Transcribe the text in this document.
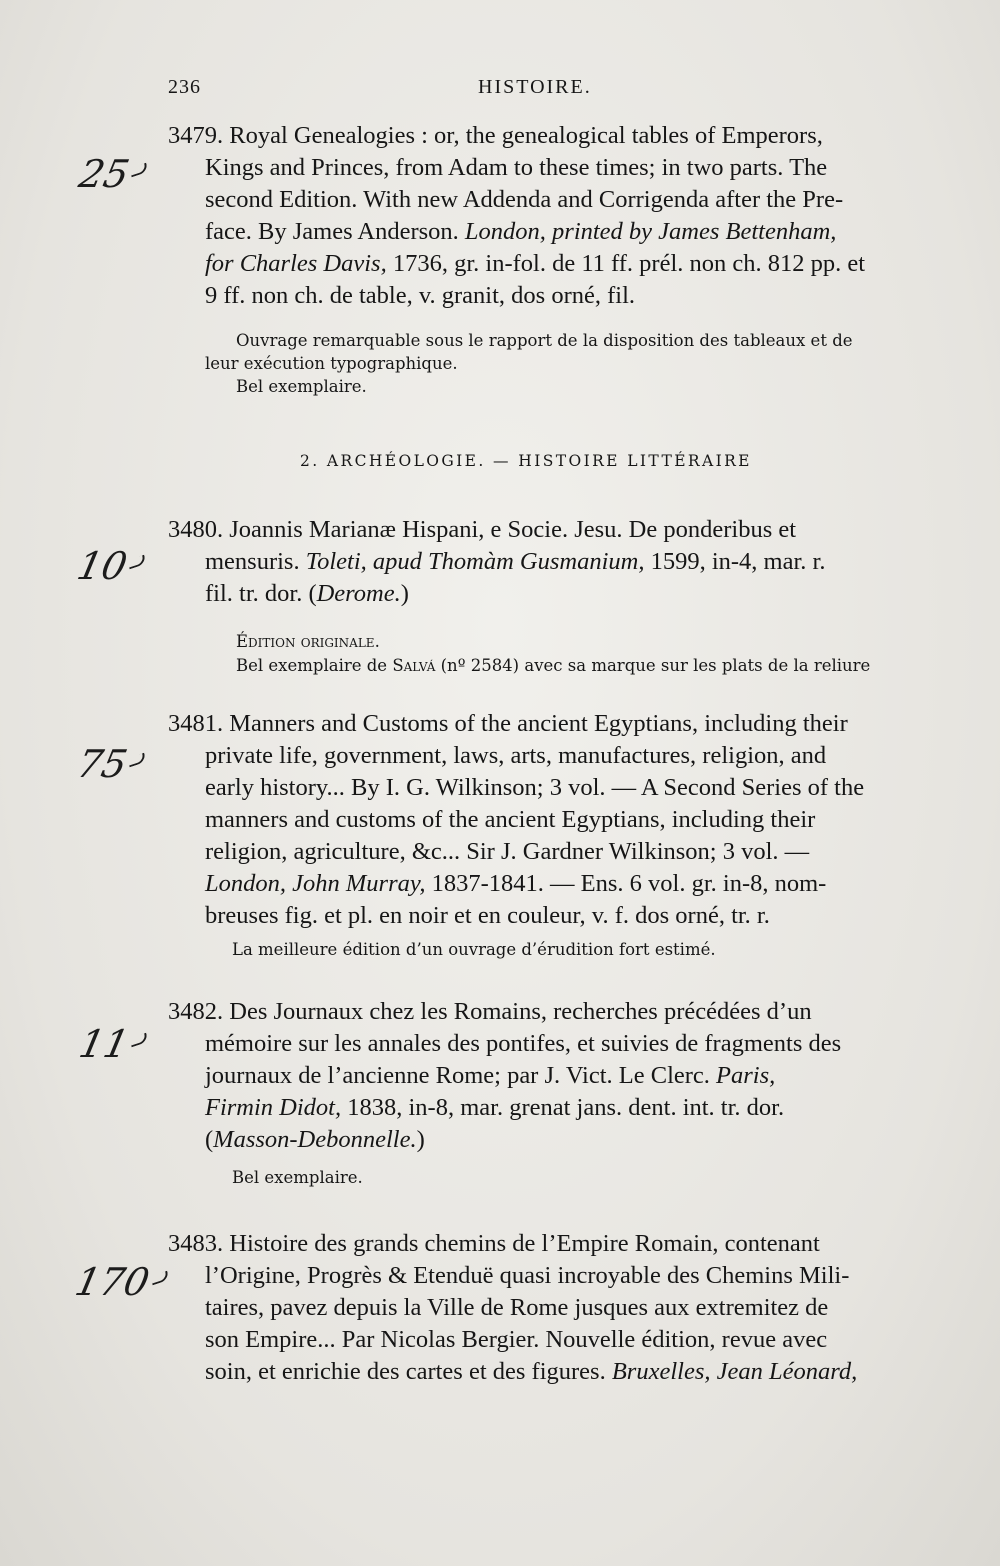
236	HISTOIRE.
25
3479. Royal Genealogies : or, the genealogical tables of Emperors,
Kings and Princes, from Adam to these times; in two parts. The
second Edition. With new Addenda and Corrigenda after the Pre-
face. By James Anderson. London, printed by James Bettenham,
for Charles Davis, 1736, gr. in-fol. de 11 ff. prél. non ch. 812 pp. et
9 ff. non ch. de table, v. granit, dos orné, fil.
Ouvrage remarquable sous le rapport de la disposition des tableaux et de
leur exécution typographique.
Bel exemplaire.
2. ARCHÉOLOGIE. — HISTOIRE LITTÉRAIRE
10
3480. Joannis Marianæ Hispani, e Socie. Jesu. De ponderibus et
mensuris. Toleti, apud Thomàm Gusmanium, 1599, in-4, mar. r.
fil. tr. dor. (Derome.)
Édition originale.
Bel exemplaire de Salvá (nº 2584) avec sa marque sur les plats de la reliure
75
3481. Manners and Customs of the ancient Egyptians, including their
private life, government, laws, arts, manufactures, religion, and
early history... By I. G. Wilkinson; 3 vol. — A Second Series of the
manners and customs of the ancient Egyptians, including their
religion, agriculture, &c... Sir J. Gardner Wilkinson; 3 vol. —
London, John Murray, 1837-1841. — Ens. 6 vol. gr. in-8, nom-
breuses fig. et pl. en noir et en couleur, v. f. dos orné, tr. r.
La meilleure édition d’un ouvrage d’érudition fort estimé.
11
3482. Des Journaux chez les Romains, recherches précédées d’un
mémoire sur les annales des pontifes, et suivies de fragments des
journaux de l’ancienne Rome; par J. Vict. Le Clerc. Paris,
Firmin Didot, 1838, in-8, mar. grenat jans. dent. int. tr. dor.
(Masson-Debonnelle.)
Bel exemplaire.
170
3483. Histoire des grands chemins de l’Empire Romain, contenant
l’Origine, Progrès & Etenduë quasi incroyable des Chemins Mili-
taires, pavez depuis la Ville de Rome jusques aux extremitez de
son Empire... Par Nicolas Bergier. Nouvelle édition, revue avec
soin, et enrichie des cartes et des figures. Bruxelles, Jean Léonard,
